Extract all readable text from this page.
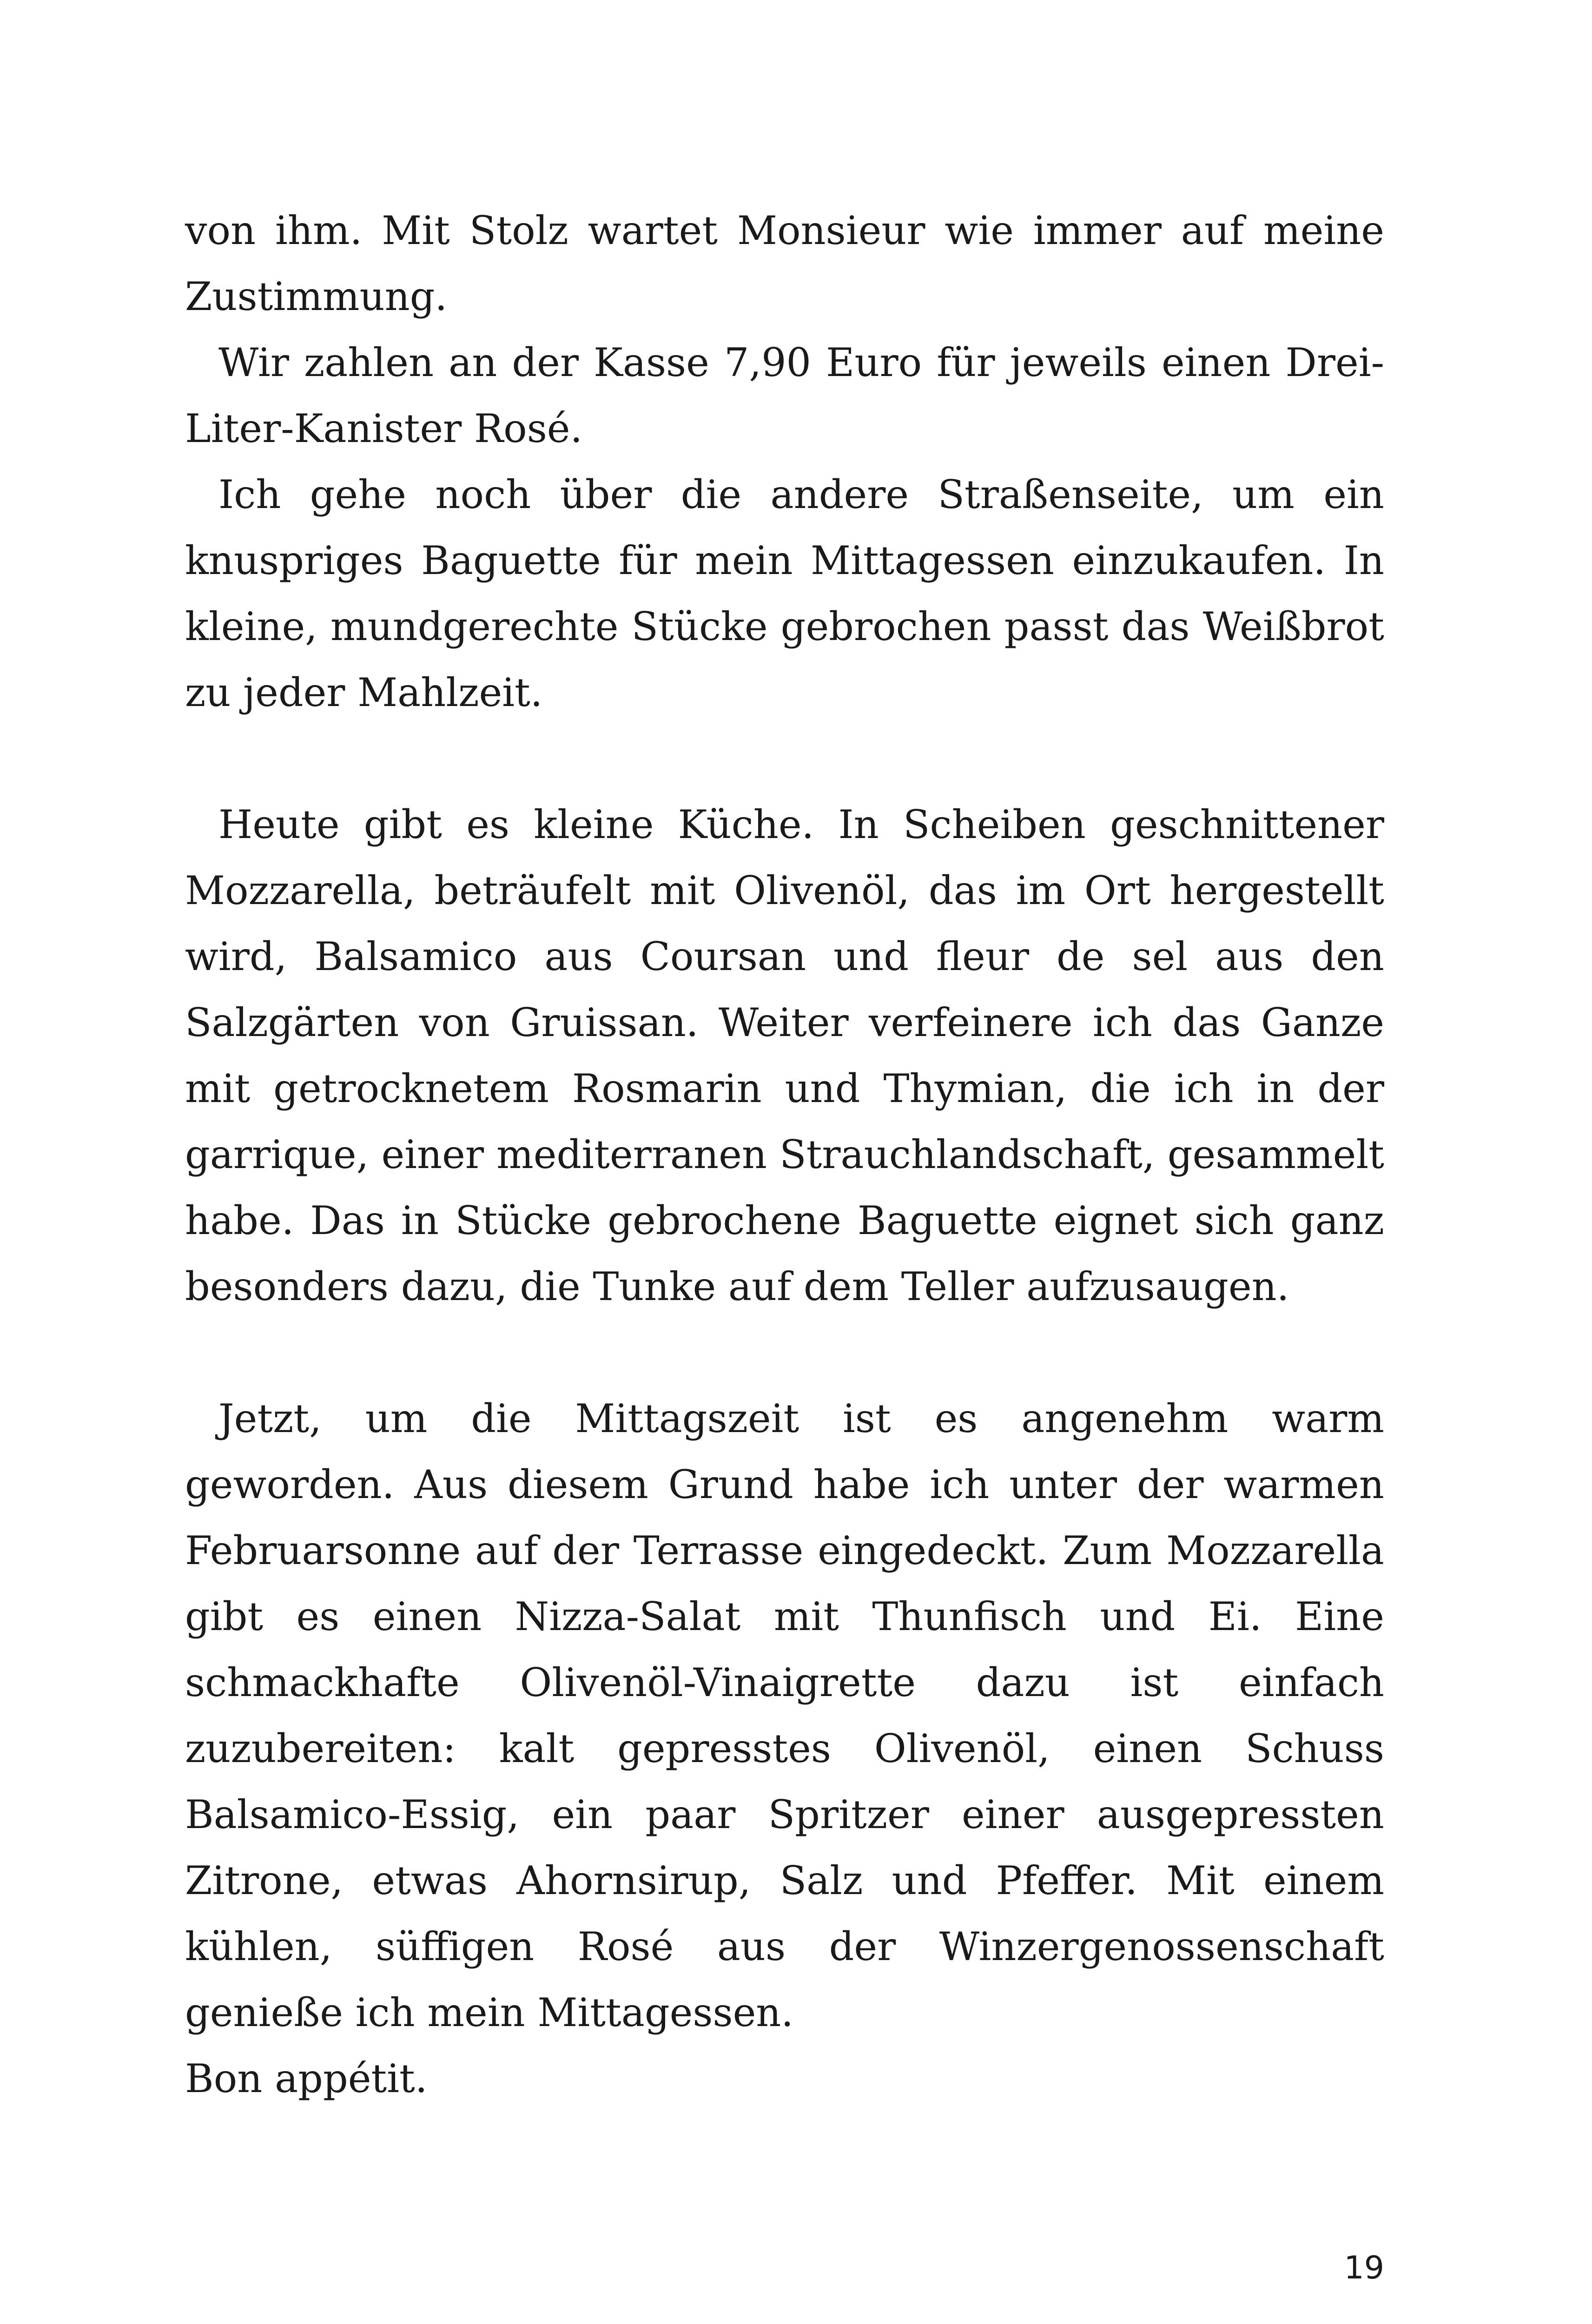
von ihm. Mit Stolz wartet Monsieur wie immer auf meine Zustimmung.

Wir zahlen an der Kasse 7,90 Euro für jeweils einen Drei-Liter-Kanister Rosé.

Ich gehe noch über die andere Straßenseite, um ein knuspriges Baguette für mein Mittagessen einzukaufen. In kleine, mundgerechte Stücke gebrochen passt das Weißbrot zu jeder Mahlzeit.

Heute gibt es kleine Küche. In Scheiben geschnittener Mozzarella, beträufelt mit Olivenöl, das im Ort hergestellt wird, Balsamico aus Coursan und fleur de sel aus den Salzgärten von Gruissan. Weiter verfeinere ich das Ganze mit getrocknetem Rosmarin und Thymian, die ich in der garrique, einer mediterranen Strauchlandschaft, gesammelt habe. Das in Stücke gebrochene Baguette eignet sich ganz besonders dazu, die Tunke auf dem Teller aufzusaugen.

Jetzt, um die Mittagszeit ist es angenehm warm geworden. Aus diesem Grund habe ich unter der warmen Februarsonne auf der Terrasse eingedeckt. Zum Mozzarella gibt es einen Nizza-Salat mit Thunfisch und Ei. Eine schmackhafte Olivenöl-Vinaigrette dazu ist einfach zuzubereiten: kalt gepresstes Olivenöl, einen Schuss Balsamico-Essig, ein paar Spritzer einer ausgepressten Zitrone, etwas Ahornsirup, Salz und Pfeffer. Mit einem kühlen, süffigen Rosé aus der Winzergenossenschaft genieße ich mein Mittagessen.

Bon appétit.

19
